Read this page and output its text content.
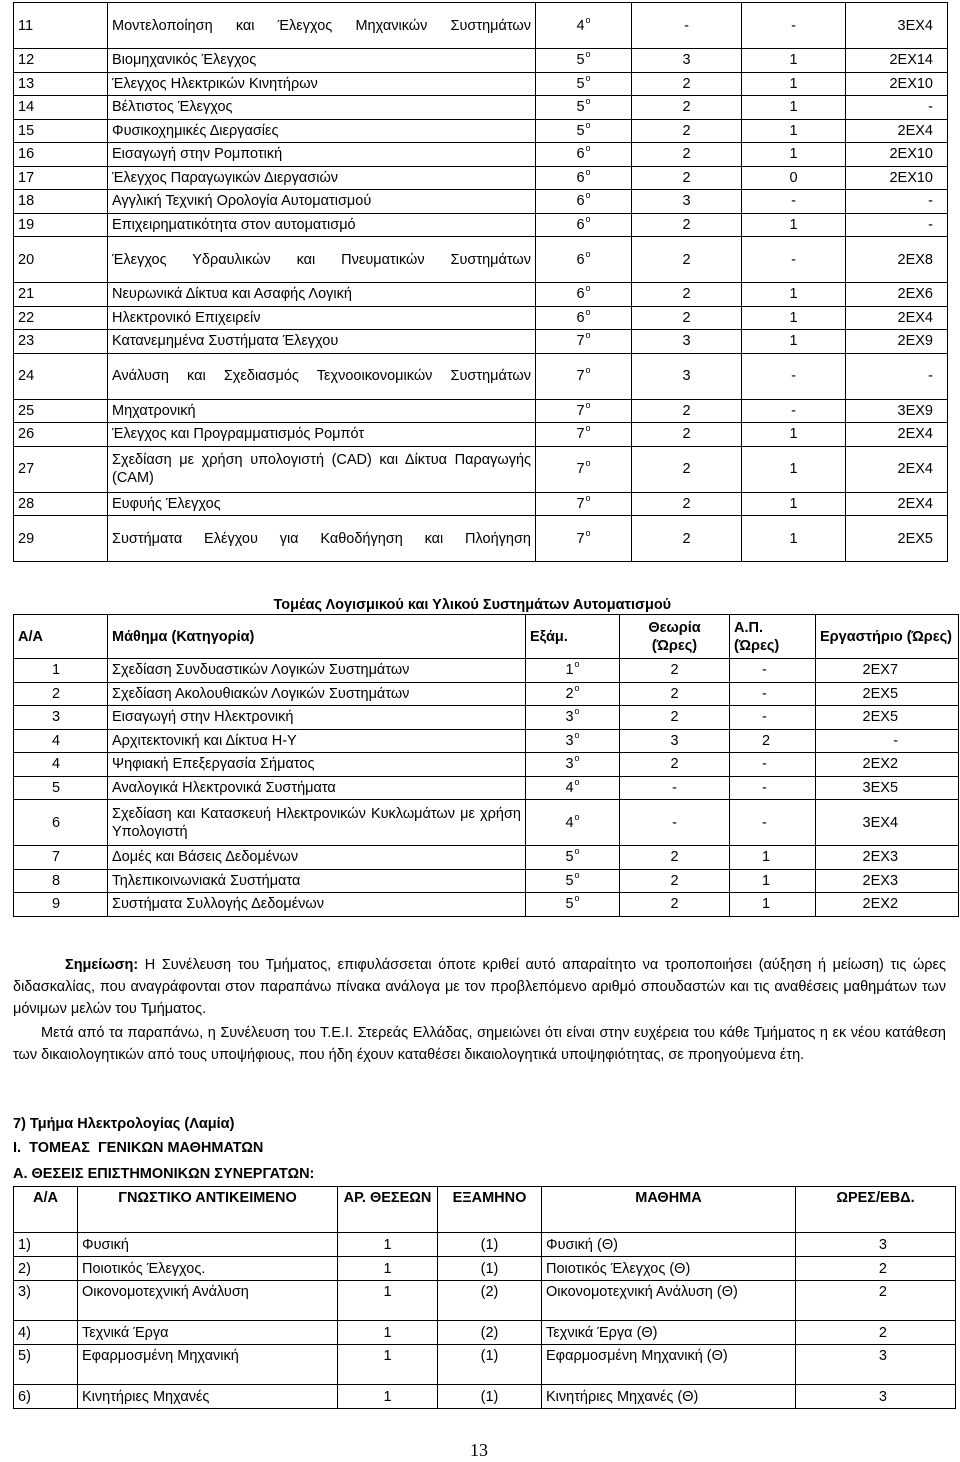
11	Μοντελοποίηση και Έλεγχος Μηχανικών Συστημάτων	$4^o$	-	-	3ΕΧ4
12	Βιομηχανικός Έλεγχος	$5^o$	3	1	2ΕΧ14
13	Έλεγχος Ηλεκτρικών Κινητήρων	$5^o$	2	1	2ΕΧ10
14	Βέλτιστος Έλεγχος	$5^o$	2	1	-
15	Φυσικοχημικές Διεργασίες	$5^o$	2	1	2ΕΧ4
16	Εισαγωγή στην Ρομποτική	$6^o$	2	1	2ΕΧ10
17	Έλεγχος Παραγωγικών Διεργασιών	$6^o$	2	0	2ΕΧ10
18	Αγγλική Τεχνική Ορολογία Αυτοματισμού	$6^o$	3	-	-
19	Επιχειρηματικότητα στον αυτοματισμό	$6^o$	2	1	-
20	Έλεγχος Υδραυλικών και Πνευματικών Συστημάτων	$6^o$	2	-	2ΕΧ8
21	Νευρωνικά Δίκτυα και Ασαφής Λογική	$6^o$	2	1	2ΕΧ6
22	Ηλεκτρονικό Επιχειρείν	$6^o$	2	1	2ΕΧ4
23	Κατανεμημένα Συστήματα Έλεγχου	$7^o$	3	1	2ΕΧ9
24	Ανάλυση και Σχεδιασμός Τεχνοοικονομικών Συστημάτων	$7^o$	3	-	-
25	Μηχατρονική	$7^o$	2	-	3ΕΧ9
26	Έλεγχος και Προγραμματισμός Ρομπότ	$7^o$	2	1	2ΕΧ4
27	Σχεδίαση με χρήση υπολογιστή (CAD) και Δίκτυα Παραγωγής (CAM)	$7^o$	2	1	2ΕΧ4
28	Ευφυής Έλεγχος	$7^o$	2	1	2ΕΧ4
29	Συστήματα Ελέγχου για Καθοδήγηση και Πλοήγηση	$7^o$	2	1	2ΕΧ5
Τομέας Λογισμικού και Υλικού Συστημάτων Αυτοματισμού					
Α/Α	Μάθημα (Κατηγορία)	Εξάμ.	Θεωρία (Ώρες)	Α.Π. (Ώρες)	Εργαστήριο (Ώρες)
1	Σχεδίαση Συνδυαστικών Λογικών Συστημάτων	$1^o$	2	-	2ΕΧ7
2	Σχεδίαση Ακολουθιακών Λογικών Συστημάτων	$2^o$	2	-	2ΕΧ5
3	Εισαγωγή στην Ηλεκτρονική	$3^o$	2	-	2ΕΧ5
4	Αρχιτεκτονική και Δίκτυα Η-Υ	$3^o$	3	2	-
4	Ψηφιακή Επεξεργασία Σήματος	$3^o$	2	-	2ΕΧ2
5	Αναλογικά Ηλεκτρονικά Συστήματα	$4^o$	-	-	3ΕΧ5
6	Σχεδίαση και Κατασκευή Ηλεκτρονικών Κυκλωμάτων με χρήση Υπολογιστή	$4^o$	-	-	3ΕΧ4
7	Δομές και Βάσεις Δεδομένων	$5^o$	2	1	2ΕΧ3
8	Τηλεπικοινωνιακά Συστήματα	$5^o$	2	1	2ΕΧ3
9	Συστήματα Συλλογής Δεδομένων	$5^o$	2	1	2ΕΧ2
Σημείωση: Η Συνέλευση του Τμήματος, επιφυλάσσεται όποτε κριθεί αυτό απαραίτητο να τροποποιήσει (αύξηση ή μείωση) τις ώρες διδασκαλίας, που αναγράφονται στον παραπάνω πίνακα ανάλογα με τον προβλεπόμενο αριθμό σπουδαστών και τις αναθέσεις μαθημάτων των μόνιμων μελών του Τμήματος.
Μετά από τα παραπάνω, η Συνέλευση του Τ.Ε.Ι. Στερεάς Ελλάδας, σημειώνει ότι είναι στην ευχέρεια του κάθε Τμήματος η εκ νέου κατάθεση των δικαιολογητικών από τους υποψήφιους, που ήδη έχουν καταθέσει δικαιολογητικά υποψηφιότητας, σε προηγούμενα έτη.
7) Τμήμα Ηλεκτρολογίας (Λαμία)
Ι.  ΤΟΜΕΑΣ  ΓΕΝΙΚΩΝ ΜΑΘΗΜΑΤΩΝ
Α. ΘΕΣΕΙΣ ΕΠΙΣΤΗΜΟΝΙΚΩΝ ΣΥΝΕΡΓΑΤΩΝ:
Α/Α	ΓΝΩΣΤΙΚΟ ΑΝΤΙΚΕΙΜΕΝΟ	ΑΡ. ΘΕΣΕΩΝ	ΕΞΑΜΗΝΟ	ΜΑΘΗΜΑ	ΩΡΕΣ/ΕΒΔ.
1)	Φυσική	1	(1)	Φυσική (Θ)	3
2)	Ποιοτικός Έλεγχος.	1	(1)	Ποιοτικός Έλεγχος (Θ)	2
3)	Οικονομοτεχνική Ανάλυση	1	(2)	Οικονομοτεχνική Ανάλυση (Θ)	2
4)	Τεχνικά Έργα	1	(2)	Τεχνικά Έργα (Θ)	2
5)	Εφαρμοσμένη Μηχανική	1	(1)	Εφαρμοσμένη Μηχανική (Θ)	3
6)	Κινητήριες Μηχανές	1	(1)	Κινητήριες Μηχανές (Θ)	3
13
